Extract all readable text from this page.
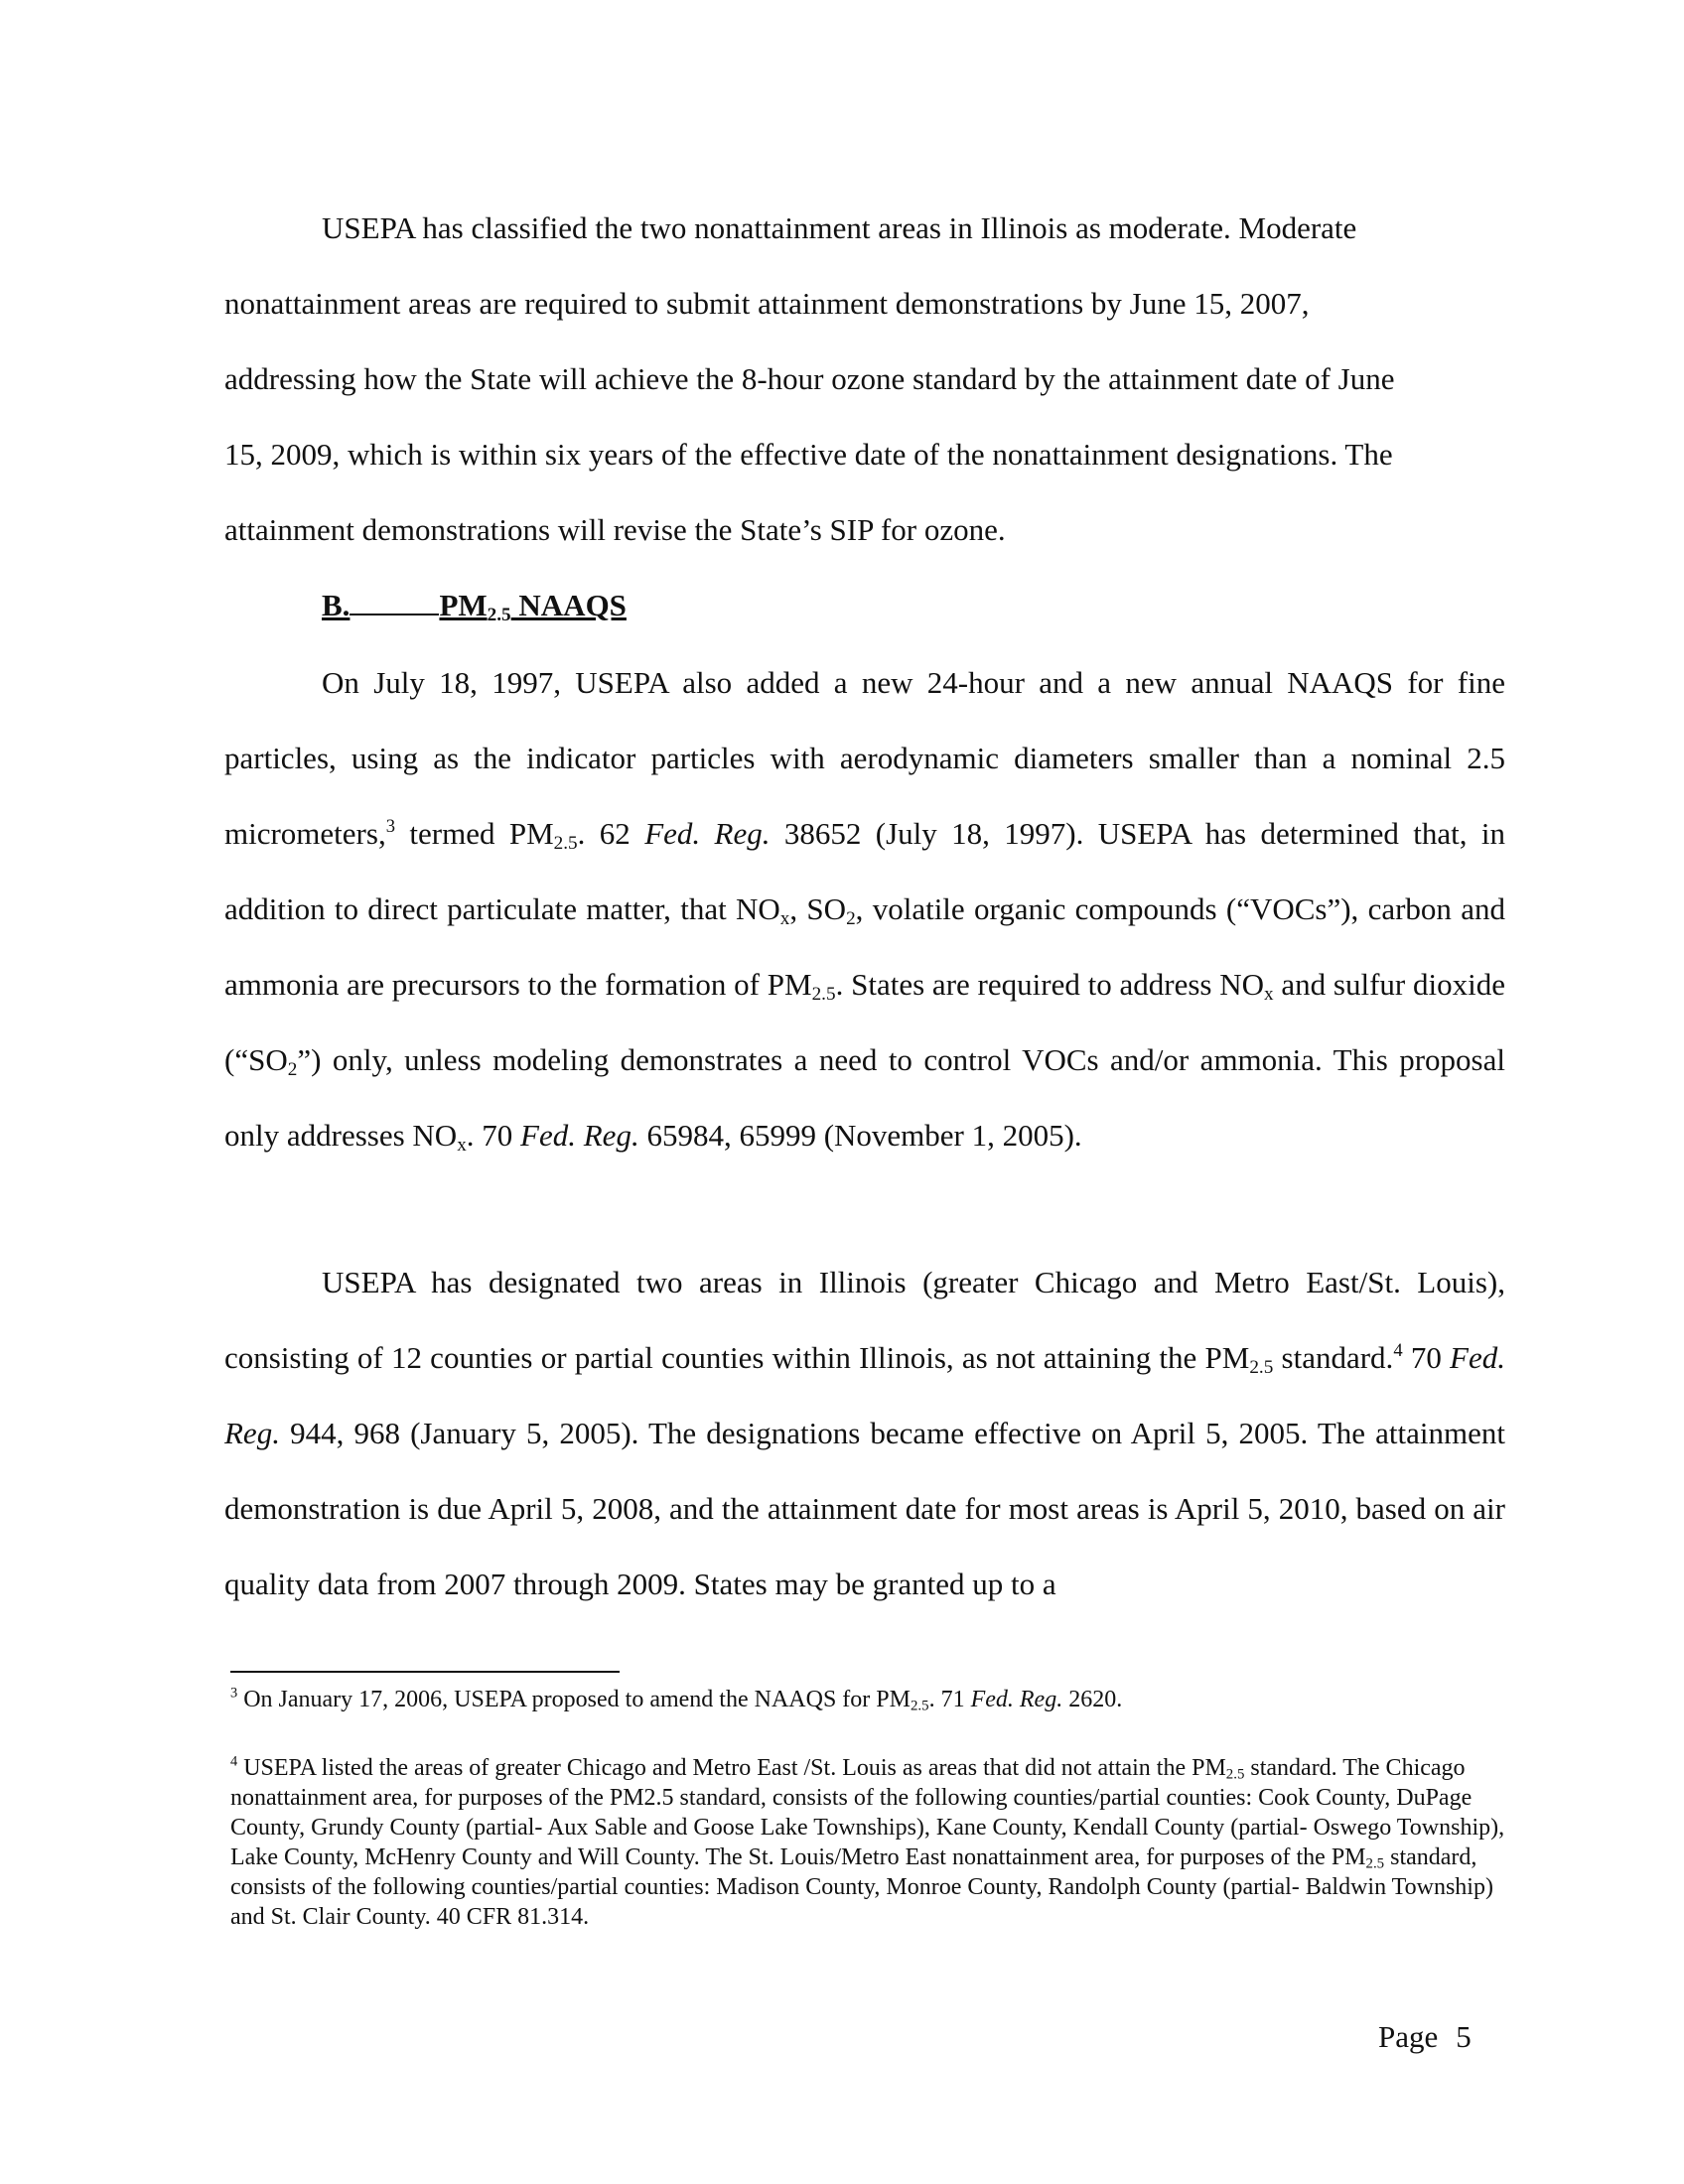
USEPA has classified the two nonattainment areas in Illinois as moderate. Moderate
nonattainment areas are required to submit attainment demonstrations by June 15, 2007,
addressing how the State will achieve the 8-hour ozone standard by the attainment date of June
15, 2009, which is within six years of the effective date of the nonattainment designations. The
attainment demonstrations will revise the State’s SIP for ozone.

B.	$PM_{2.5}$ NAAQS

On July 18, 1997, USEPA also added a new 24-hour and a new annual NAAQS for fine particles, using as the indicator particles with aerodynamic diameters smaller than a nominal 2.5 micrometers,$^3$ termed $PM_{2.5}$. 62 Fed. Reg. 38652 (July 18, 1997). USEPA has determined that, in addition to direct particulate matter, that $NO_x$, $SO_2$, volatile organic compounds (“VOCs”), carbon and ammonia are precursors to the formation of $PM_{2.5}$. States are required to address $NO_x$ and sulfur dioxide $(“SO_2”)$ only, unless modeling demonstrates a need to control VOCs and/or ammonia. This proposal only addresses $NO_x$. 70 Fed. Reg. 65984, 65999 (November 1, 2005).

USEPA has designated two areas in Illinois (greater Chicago and Metro East/St. Louis), consisting of 12 counties or partial counties within Illinois, as not attaining the $PM_{2.5}$ standard.$^4$ 70 Fed. Reg. 944, 968 (January 5, 2005). The designations became effective on April 5, 2005. The attainment demonstration is due April 5, 2008, and the attainment date for most areas is April 5, 2010, based on air quality data from 2007 through 2009. States may be granted up to a

$^3$ On January 17, 2006, USEPA proposed to amend the NAAQS for $PM_{2.5}$. 71 Fed. Reg. 2620.

$^4$ USEPA listed the areas of greater Chicago and Metro East /St. Louis as areas that did not attain the $PM_{2.5}$ standard. The Chicago nonattainment area, for purposes of the PM2.5 standard, consists of the following counties/partial counties: Cook County, DuPage County, Grundy County (partial- Aux Sable and Goose Lake Townships), Kane County, Kendall County (partial- Oswego Township), Lake County, McHenry County and Will County. The St. Louis/Metro East nonattainment area, for purposes of the $PM_{2.5}$ standard, consists of the following counties/partial counties: Madison County, Monroe County, Randolph County (partial- Baldwin Township) and St. Clair County. 40 CFR 81.314.

Page 5
